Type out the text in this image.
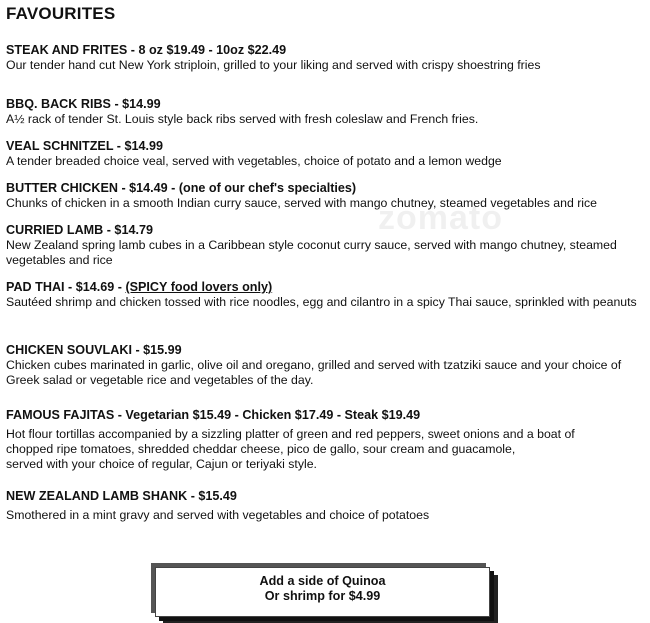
FAVOURITES
zomato
STEAK AND FRITES - 8 oz $19.49 - 10oz $22.49
Our tender hand cut New York striploin, grilled to your liking and served with crispy shoestring fries
BBQ. BACK RIBS - $14.99
A½ rack of tender St. Louis style back ribs served with fresh coleslaw and French fries.
VEAL SCHNITZEL - $14.99
A tender breaded choice veal, served with vegetables, choice of potato and a lemon wedge
BUTTER CHICKEN - $14.49 - (one of our chef's specialties)
Chunks of chicken in a smooth Indian curry sauce, served with mango chutney, steamed vegetables and rice
CURRIED LAMB - $14.79
New Zealand spring lamb cubes in a Caribbean style coconut curry sauce, served with mango chutney, steamed vegetables and rice
PAD THAI - $14.69 - (SPICY food lovers only)
Sautéed shrimp and chicken tossed with rice noodles, egg and cilantro in a spicy Thai sauce, sprinkled with peanuts
CHICKEN SOUVLAKI - $15.99
Chicken cubes marinated in garlic, olive oil and oregano, grilled and served with tzatziki sauce and your choice of Greek salad or vegetable rice and vegetables of the day.
FAMOUS FAJITAS - Vegetarian $15.49 - Chicken $17.49 - Steak $19.49
Hot flour tortillas accompanied by a sizzling platter of green and red peppers, sweet onions and a boat of
chopped ripe tomatoes, shredded cheddar cheese, pico de gallo, sour cream and guacamole,
served with your choice of regular, Cajun or teriyaki style.
NEW ZEALAND LAMB SHANK - $15.49
Smothered in a mint gravy and served with vegetables and choice of potatoes
Add a side of Quinoa
Or shrimp for $4.99
